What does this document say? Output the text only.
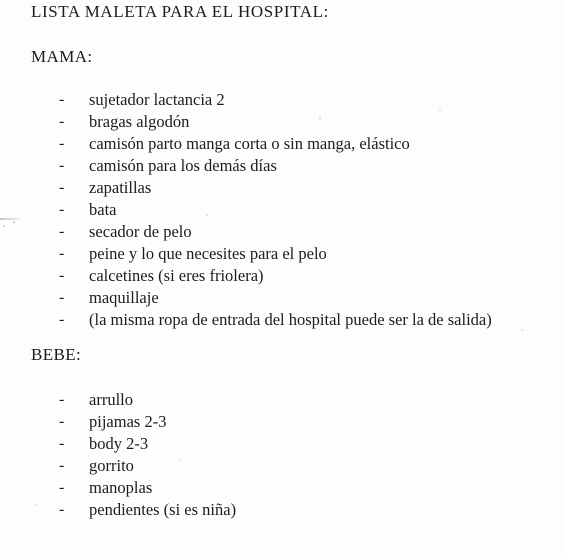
LISTA MALETA PARA EL HOSPITAL:
MAMA:
- sujetador lactancia 2
- bragas algodón
- camisón parto manga corta o sin manga, elástico
- camisón para los demás días
- zapatillas
- bata
- secador de pelo
- peine y lo que necesites para el pelo
- calcetines (si eres friolera)
- maquillaje
- (la misma ropa de entrada del hospital puede ser la de salida)
BEBE:
- arrullo
- pijamas 2-3
- body 2-3
- gorrito
- manoplas
- pendientes (si es niña)
